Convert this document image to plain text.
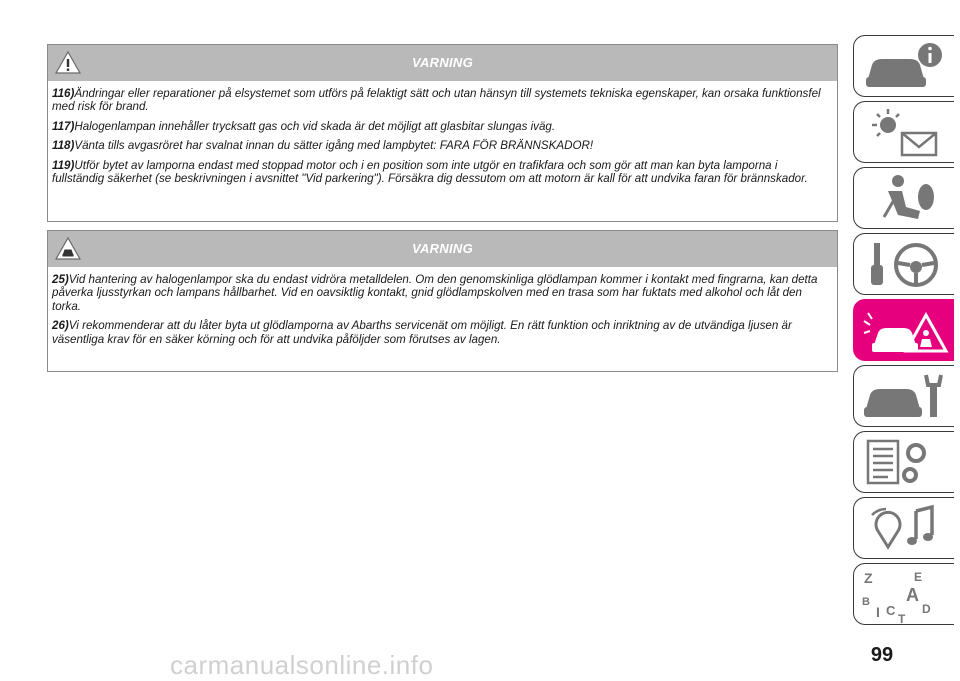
VARNING

116)Ändringar eller reparationer på elsystemet som utförs på felaktigt sätt och utan hänsyn till systemets tekniska egenskaper, kan orsaka funktionsfel med risk för brand.

117)Halogenlampan innehåller trycksatt gas och vid skada är det möjligt att glasbitar slungas iväg.

118)Vänta tills avgasröret har svalnat innan du sätter igång med lampbytet: FARA FÖR BRÄNNSKADOR!

119)Utför bytet av lamporna endast med stoppad motor och i en position som inte utgör en trafikfara och som gör att man kan byta lamporna i fullständig säkerhet (se beskrivningen i avsnittet "Vid parkering"). Försäkra dig dessutom om att motorn är kall för att undvika faran för brännskador.

VARNING

25)Vid hantering av halogenlampor ska du endast vidröra metalldelen. Om den genomskinliga glödlampan kommer i kontakt med fingrarna, kan detta påverka ljusstyrkan och lampans hållbarhet. Vid en oavsiktlig kontakt, gnid glödlampskolven med en trasa som har fuktats med alkohol och låt den torka.

26)Vi rekommenderar att du låter byta ut glödlamporna av Abarths servicenät om möjligt. En rätt funktion och inriktning av de utvändiga ljusen är väsentliga krav för en säker körning och för att undvika påföljder som förutses av lagen.

Z	E
B A
C D
I T
99
carmanualsonline.info
